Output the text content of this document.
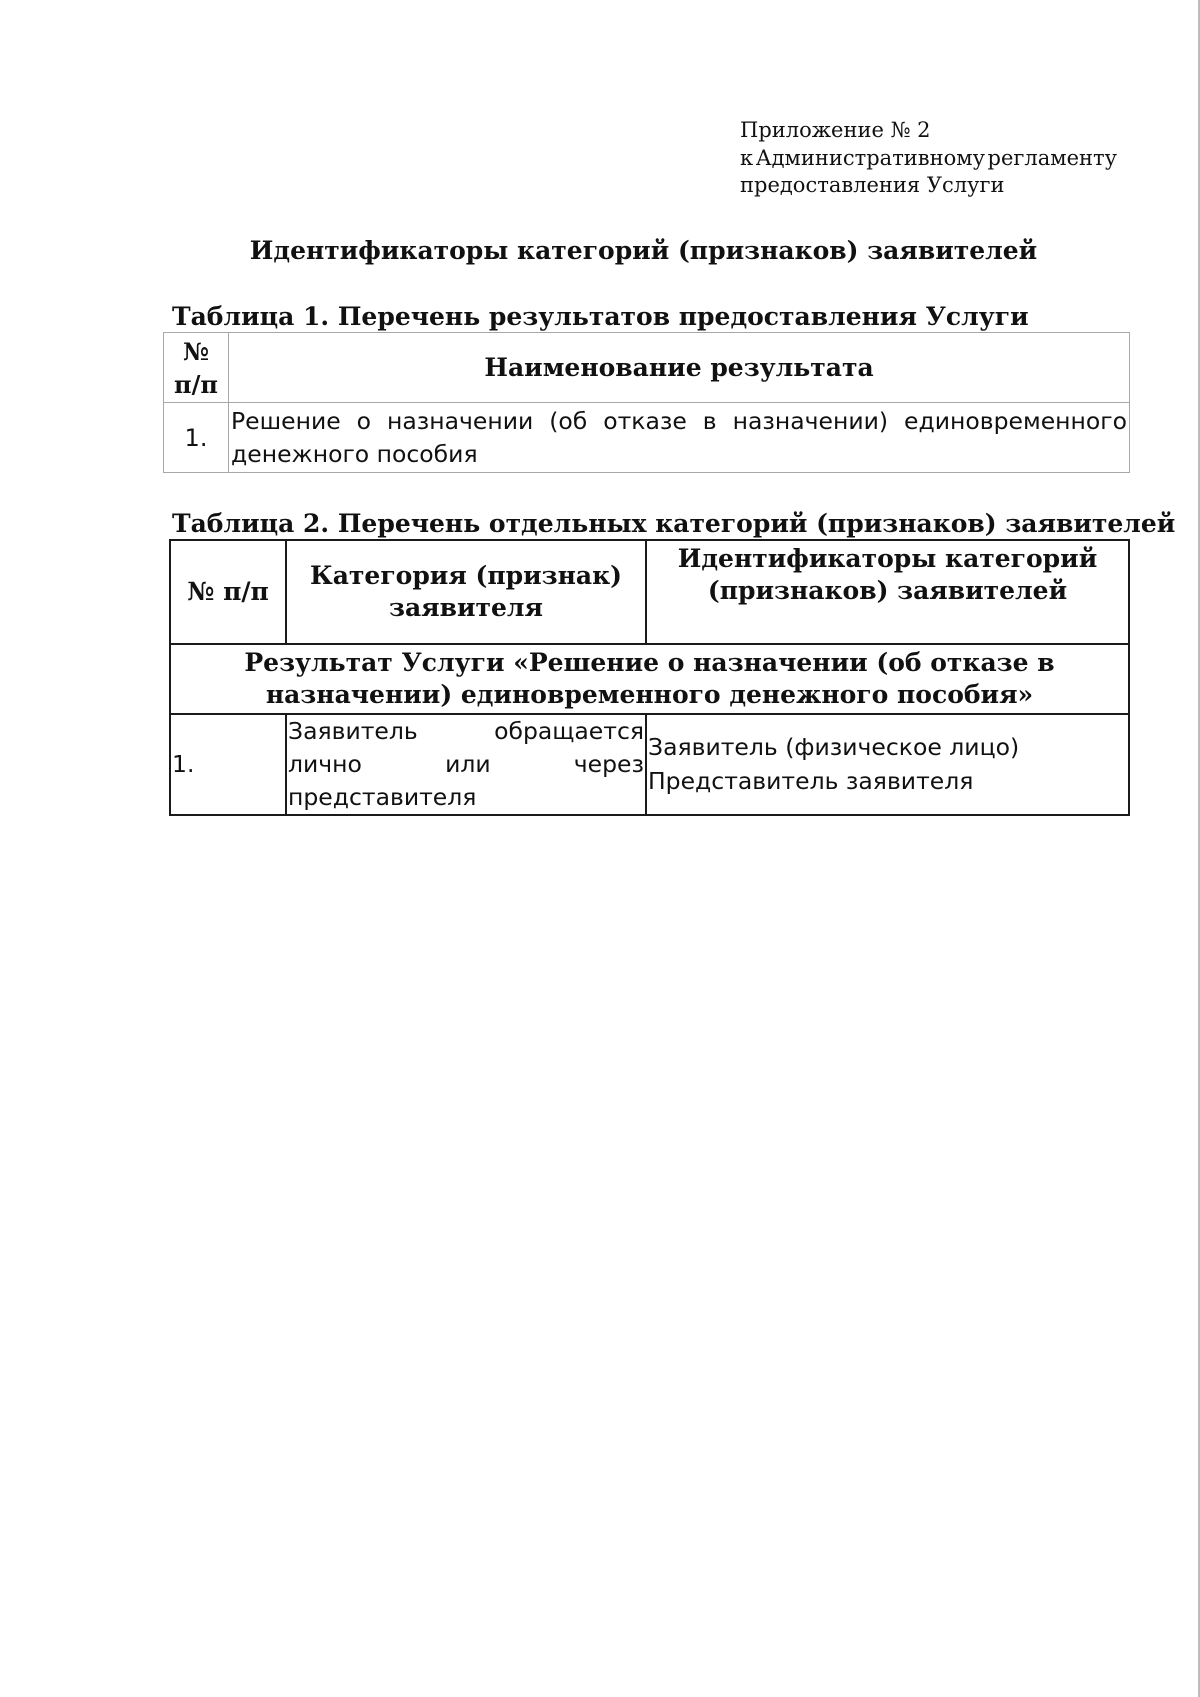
Приложение № 2
к Административному регламенту
предоставления Услуги
Идентификаторы категорий (признаков) заявителей
Таблица 1. Перечень результатов предоставления Услуги
№
п/п	Наименование результата
1.	Решение о назначении (об отказе в назначении) единовременного денежного пособия
Таблица 2. Перечень отдельных категорий (признаков) заявителей
№ п/п	Категория (признак) заявителя	Идентификаторы категорий (признаков) заявителей
Результат Услуги «Решение о назначении (об отказе в назначении) единовременного денежного пособия»		
1.	Заявитель обращается лично или через представителя	Заявитель (физическое лицо)
Представитель заявителя
